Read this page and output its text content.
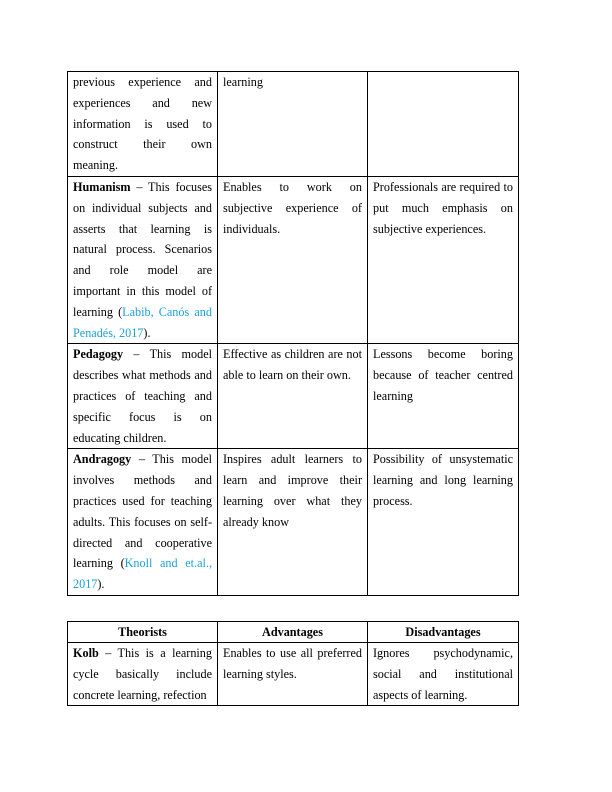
previous experience and experiences and new information is used to construct their own meaning.	learning	
Humanism – This focuses on individual subjects and asserts that learning is natural process. Scenarios and role model are important in this model of learning (Labib, Canós and Penadés, 2017).	Enables to work on subjective experience of individuals.	Professionals are required to put much emphasis on subjective experiences.
Pedagogy – This model describes what methods and practices of teaching and specific focus is on educating children.	Effective as children are not able to learn on their own.	Lessons become boring because of teacher centred learning
Andragogy – This model involves methods and practices used for teaching adults. This focuses on self-directed and cooperative learning (Knoll and et.al., 2017).	Inspires adult learners to learn and improve their learning over what they already know	Possibility of unsystematic learning and long learning process.
Theorists	Advantages	Disadvantages
Kolb – This is a learning cycle basically include concrete learning, refection	Enables to use all preferred learning styles.	Ignores psychodynamic, social and institutional aspects of learning.
